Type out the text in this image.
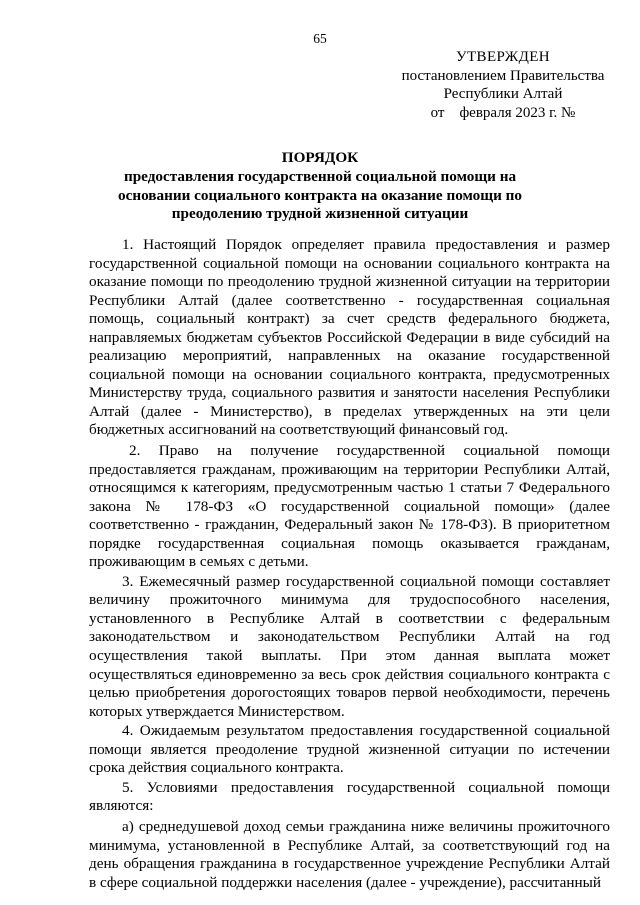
65
УТВЕРЖДЕН
постановлением Правительства
Республики Алтай
от    февраля 2023 г. №
ПОРЯДОК
предоставления государственной социальной помощи на основании социального контракта на оказание помощи по преодолению трудной жизненной ситуации

1. Настоящий Порядок определяет правила предоставления и размер государственной социальной помощи на основании социального контракта на оказание помощи по преодолению трудной жизненной ситуации на территории Республики Алтай (далее соответственно - государственная социальная помощь, социальный контракт) за счет средств федерального бюджета, направляемых бюджетам субъектов Российской Федерации в виде субсидий на реализацию мероприятий, направленных на оказание государственной социальной помощи на основании социального контракта, предусмотренных Министерству труда, социального развития и занятости населения Республики Алтай (далее - Министерство), в пределах утвержденных на эти цели бюджетных ассигнований на соответствующий финансовый год.

2. Право на получение государственной социальной помощи предоставляется гражданам, проживающим на территории Республики Алтай, относящимся к категориям, предусмотренным частью 1 статьи 7 Федерального закона № 178-ФЗ «О государственной социальной помощи» (далее соответственно - гражданин, Федеральный закон № 178-ФЗ). В приоритетном порядке государственная социальная помощь оказывается гражданам, проживающим в семьях с детьми.

3. Ежемесячный размер государственной социальной помощи составляет величину прожиточного минимума для трудоспособного населения, установленного в Республике Алтай в соответствии с федеральным законодательством и законодательством Республики Алтай на год осуществления такой выплаты. При этом данная выплата может осуществляться единовременно за весь срок действия социального контракта с целью приобретения дорогостоящих товаров первой необходимости, перечень которых утверждается Министерством.

4. Ожидаемым результатом предоставления государственной социальной помощи является преодоление трудной жизненной ситуации по истечении срока действия социального контракта.

5. Условиями предоставления государственной социальной помощи являются:

а) среднедушевой доход семьи гражданина ниже величины прожиточного минимума, установленной в Республике Алтай, за соответствующий год на день обращения гражданина в государственное учреждение Республики Алтай в сфере социальной поддержки населения (далее - учреждение), рассчитанный
